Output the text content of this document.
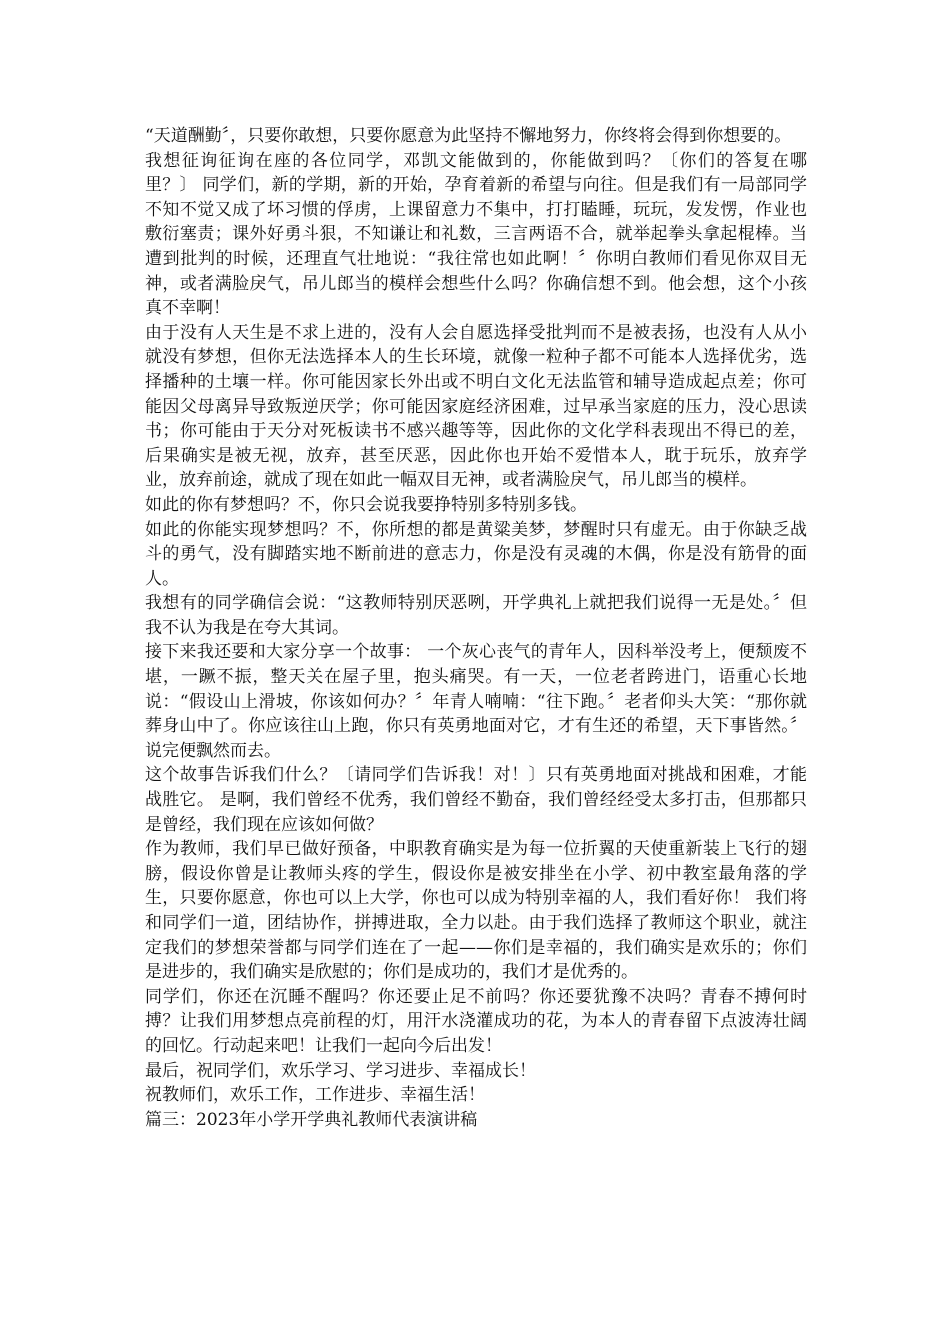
“天道酬勤〞，只要你敢想，只要你愿意为此坚持不懈地努力，你终将会得到你想要的。

我想征询征询在座的各位同学，邓凯文能做到的，你能做到吗？〔你们的答复在哪里？〕 同学们，新的学期，新的开始，孕育着新的希望与向往。但是我们有一局部同学不知不觉又成了坏习惯的俘虏，上课留意力不集中，打打瞌睡，玩玩，发发愣，作业也敷衍塞责；课外好勇斗狠，不知谦让和礼数，三言两语不合，就举起拳头拿起棍棒。当遭到批判的时候，还理直气壮地说：“我往常也如此啊！〞你明白教师们看见你双目无神，或者满脸戾气，吊儿郎当的模样会想些什么吗？你确信想不到。他会想，这个小孩真不幸啊！

由于没有人天生是不求上进的，没有人会自愿选择受批判而不是被表扬，也没有人从小就没有梦想，但你无法选择本人的生长环境，就像一粒种子都不可能本人选择优劣，选择播种的土壤一样。你可能因家长外出或不明白文化无法监管和辅导造成起点差；你可能因父母离异导致叛逆厌学；你可能因家庭经济困难，过早承当家庭的压力，没心思读书；你可能由于天分对死板读书不感兴趣等等，因此你的文化学科表现出不得已的差，后果确实是被无视，放弃，甚至厌恶，因此你也开始不爱惜本人，耽于玩乐，放弃学业，放弃前途，就成了现在如此一幅双目无神，或者满脸戾气，吊儿郎当的模样。

如此的你有梦想吗？不，你只会说我要挣特别多特别多钱。

如此的你能实现梦想吗？不，你所想的都是黄粱美梦，梦醒时只有虚无。由于你缺乏战斗的勇气，没有脚踏实地不断前进的意志力，你是没有灵魂的木偶，你是没有筋骨的面人。

我想有的同学确信会说：“这教师特别厌恶咧，开学典礼上就把我们说得一无是处。〞但我不认为我是在夸大其词。

接下来我还要和大家分享一个故事： 一个灰心丧气的青年人，因科举没考上，便颓废不堪，一蹶不振，整天关在屋子里，抱头痛哭。有一天，一位老者跨进门，语重心长地说：“假设山上滑坡，你该如何办？〞年青人喃喃：“往下跑。〞老者仰头大笑：“那你就葬身山中了。你应该往山上跑，你只有英勇地面对它，才有生还的希望，天下事皆然。〞说完便飘然而去。

这个故事告诉我们什么？〔请同学们告诉我！对！〕只有英勇地面对挑战和困难，才能战胜它。 是啊，我们曾经不优秀，我们曾经不勤奋，我们曾经经受太多打击，但那都只是曾经，我们现在应该如何做？

作为教师，我们早已做好预备，中职教育确实是为每一位折翼的天使重新装上飞行的翅膀，假设你曾是让教师头疼的学生，假设你是被安排坐在小学、初中教室最角落的学生，只要你愿意，你也可以上大学，你也可以成为特别幸福的人，我们看好你！ 我们将和同学们一道，团结协作，拼搏进取，全力以赴。由于我们选择了教师这个职业，就注定我们的梦想荣誉都与同学们连在了一起——你们是幸福的，我们确实是欢乐的；你们是进步的，我们确实是欣慰的；你们是成功的，我们才是优秀的。

同学们，你还在沉睡不醒吗？你还要止足不前吗？你还要犹豫不决吗？青春不搏何时搏？让我们用梦想点亮前程的灯，用汗水浇灌成功的花，为本人的青春留下点波涛壮阔的回忆。行动起来吧！让我们一起向今后出发！

最后，祝同学们，欢乐学习、学习进步、幸福成长！

祝教师们，欢乐工作，工作进步、幸福生活！

篇三：2023年小学开学典礼教师代表演讲稿
